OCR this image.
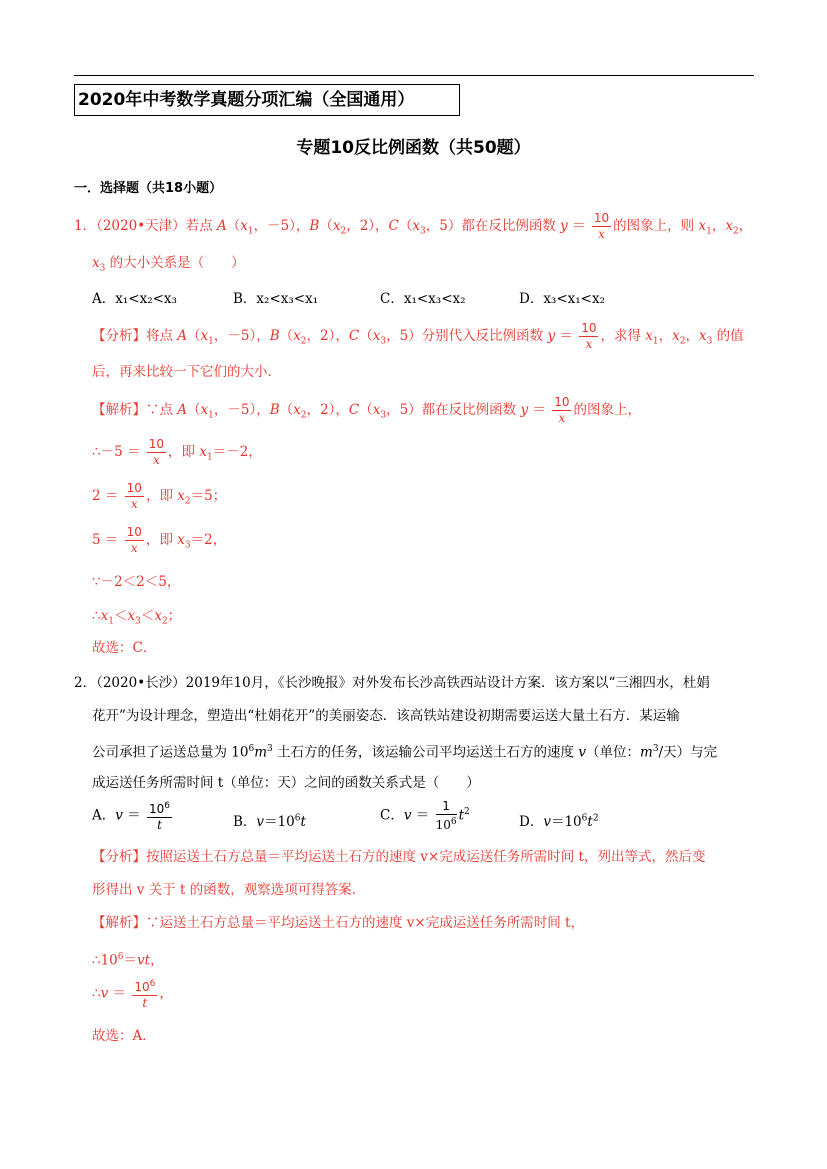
2020年中考数学真题分项汇编（全国通用）
专题10反比例函数（共50题）
一．选择题（共18小题）
1．（2020•天津）若点 $A(x_1$，－5），$B(x_2$，2），$C(x_3$，5）都在反比例函数 $y = \frac{10}{x}$ 的图象上，则 $x_1$，$x_2$，
$x_3$ 的大小关系是（　　）
A．x₁<x₂<x₃	B．x₂<x₃<x₁	C．x₁<x₃<x₂	D．x₃<x₁<x₂
【分析】将点 $A(x_1$，－5），$B(x_2$，2），$C(x_3$，5）分别代入反比例函数 $y = \frac{10}{x}$ ，求得 $x_1$，$x_2$，$x_3$ 的值
后，再来比较一下它们的大小．
【解析】∵点 $A(x_1$，－5），$B(x_2$，2），$C(x_3$，5）都在反比例函数 $y = \frac{10}{x}$ 的图象上，
∴－5 ＝ $\frac{10}{x}$ ，即 $x_1=-2$，
$2 = \frac{10}{x}$ ，即 $x_2=5$；
$5 = \frac{10}{x}$ ，即 $x_3=2$，
∵－2＜2＜5，
$\therefore x_1<x_3<x_2$；
故选：C．
2．（2020•长沙）2019年10月，《长沙晚报》对外发布长沙高铁西站设计方案．该方案以“三湘四水，杜娟
花开”为设计理念，塑造出“杜娟花开”的美丽姿态．该高铁站建设初期需要运送大量土石方．某运输
公司承担了运送总量为 $10^6m^3$ 土石方的任务，该运输公司平均运送土石方的速度 v（单位：$m^3/$天）与完
成运送任务所需时间 t（单位：天）之间的函数关系式是（　　）
A．$v = \frac{10^6}{t}$	B．$v=10^6t$	C．$v = \frac{1}{10^6} t^2$
D．$v=10^6t^2$
【分析】按照运送土石方总量＝平均运送土石方的速度 v×完成运送任务所需时间 t，列出等式，然后变
形得出 v 关于 t 的函数，观察选项可得答案．
【解析】∵运送土石方总量＝平均运送土石方的速度 v×完成运送任务所需时间 t，
$\therefore 10^6=vt$，
∴v ＝ $\frac{10^6}{t}$ ，
故选：A．
